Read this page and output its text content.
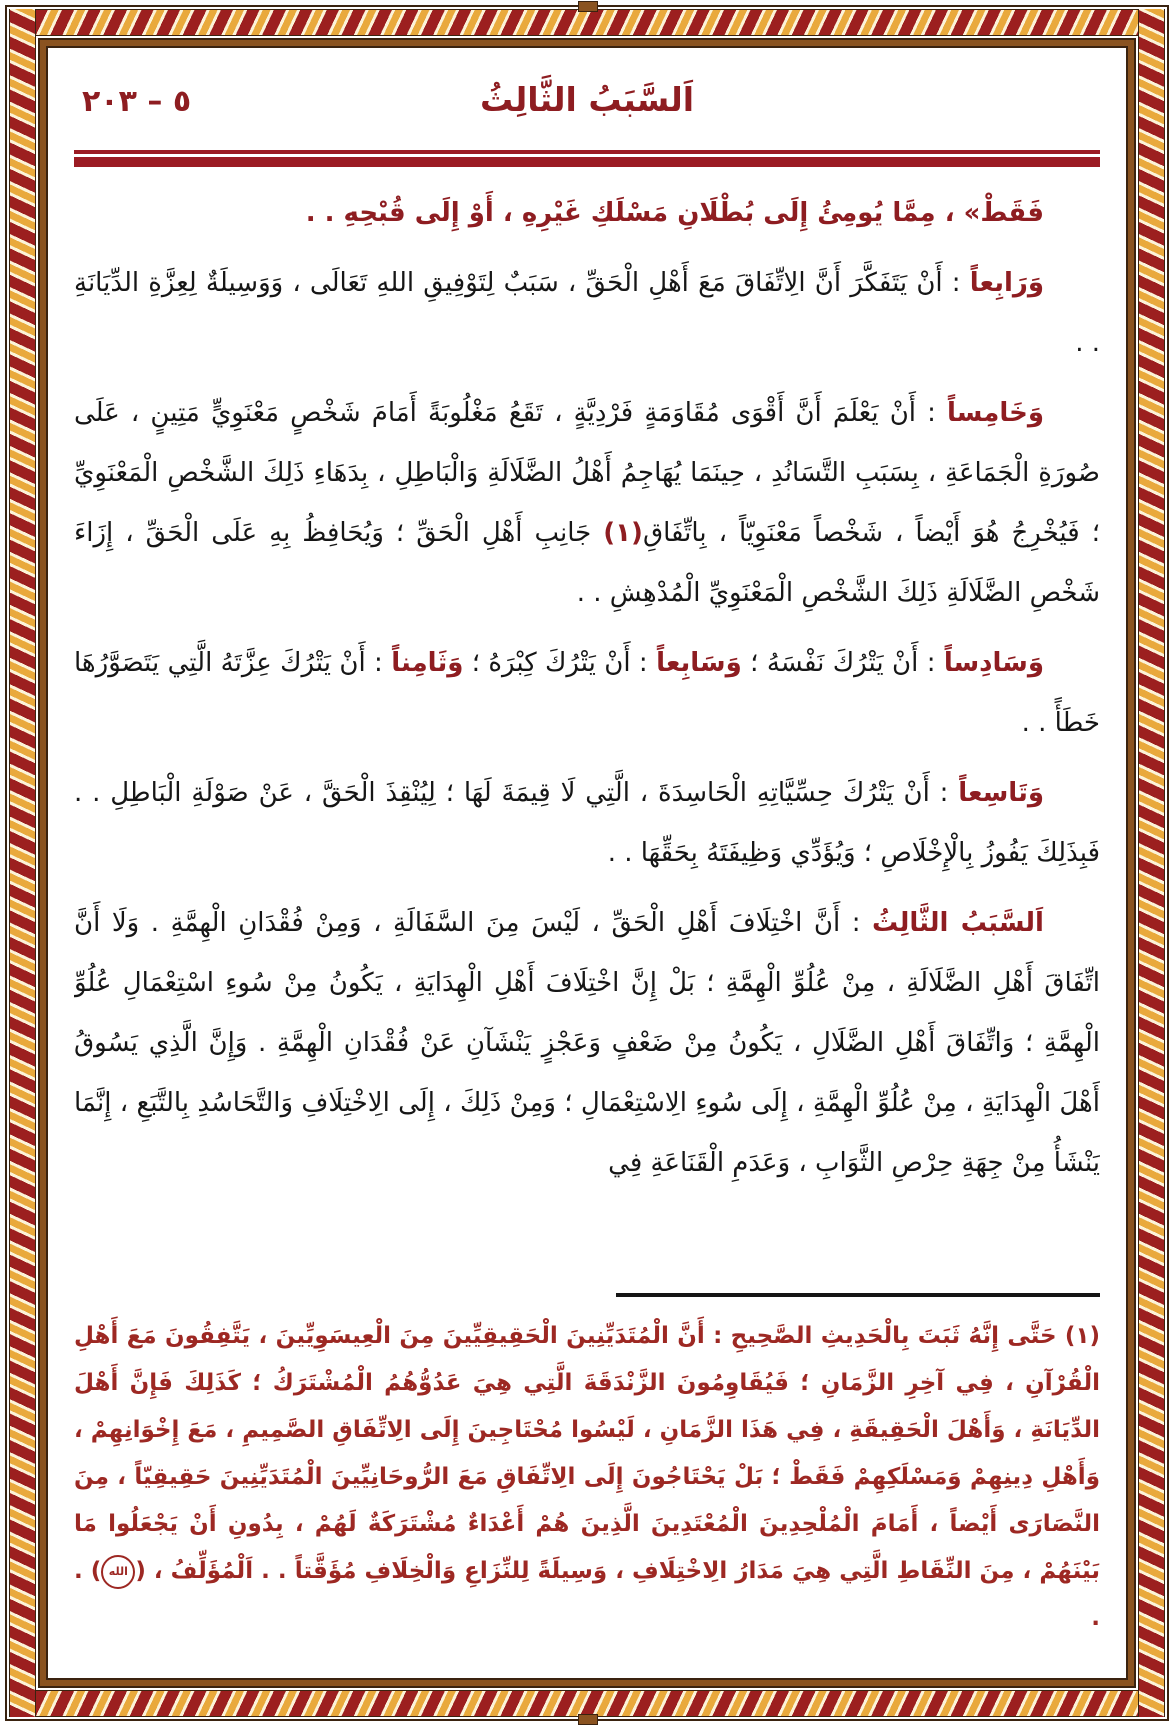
٥ – ٢٠٣	اَلسَّبَبُ الثَّالِثُ

فَقَطْ» ، مِمَّا يُومِئُ إِلَى بُطْلَانِ مَسْلَكِ غَيْرِهِ ، أَوْ إِلَى قُبْحِهِ . .

وَرَابِعاً : أَنْ يَتَفَكَّرَ أَنَّ الِاتِّفَاقَ مَعَ أَهْلِ الْحَقِّ ، سَبَبٌ لِتَوْفِيقِ اللهِ تَعَالَى ، وَوَسِيلَةٌ لِعِزَّةِ الدِّيَانَةِ . .

وَخَامِساً : أَنْ يَعْلَمَ أَنَّ أَقْوَى مُقَاوَمَةٍ فَرْدِيَّةٍ ، تَقَعُ مَغْلُوبَةً أَمَامَ شَخْصٍ مَعْنَوِيٍّ مَتِينٍ ، عَلَى صُورَةِ الْجَمَاعَةِ ، بِسَبَبِ التَّسَانُدِ ، حِينَمَا يُهَاجِمُ أَهْلُ الضَّلَالَةِ وَالْبَاطِلِ ، بِدَهَاءِ ذَلِكَ الشَّخْصِ الْمَعْنَوِيِّ ؛ فَيُخْرِجُ هُوَ أَيْضاً ، شَخْصاً مَعْنَوِيّاً ، بِاتِّفَاقِ(١) جَانِبِ أَهْلِ الْحَقِّ ؛ وَيُحَافِظُ بِهِ عَلَى الْحَقِّ ، إِزَاءَ شَخْصِ الضَّلَالَةِ ذَلِكَ الشَّخْصِ الْمَعْنَوِيِّ الْمُدْهِشِ . .

وَسَادِساً : أَنْ يَتْرُكَ نَفْسَهُ ؛ وَسَابِعاً : أَنْ يَتْرُكَ كِبْرَهُ ؛ وَثَامِناً : أَنْ يَتْرُكَ عِزَّتَهُ الَّتِي يَتَصَوَّرُهَا خَطَأً . .

وَتَاسِعاً : أَنْ يَتْرُكَ حِسِّيَّاتِهِ الْحَاسِدَةَ ، الَّتِي لَا قِيمَةَ لَهَا ؛ لِيُنْقِذَ الْحَقَّ ، عَنْ صَوْلَةِ الْبَاطِلِ . . فَبِذَلِكَ يَفُوزُ بِالْإِخْلَاصِ ؛ وَيُؤَدِّي وَظِيفَتَهُ بِحَقِّهَا . .

اَلسَّبَبُ الثَّالِثُ : أَنَّ اخْتِلَافَ أَهْلِ الْحَقِّ ، لَيْسَ مِنَ السَّفَالَةِ ، وَمِنْ فُقْدَانِ الْهِمَّةِ . وَلَا أَنَّ اتِّفَاقَ أَهْلِ الضَّلَالَةِ ، مِنْ عُلُوِّ الْهِمَّةِ ؛ بَلْ إِنَّ اخْتِلَافَ أَهْلِ الْهِدَايَةِ ، يَكُونُ مِنْ سُوءِ اسْتِعْمَالِ عُلُوِّ الْهِمَّةِ ؛ وَاتِّفَاقَ أَهْلِ الضَّلَالِ ، يَكُونُ مِنْ ضَعْفٍ وَعَجْزٍ يَنْشَآنِ عَنْ فُقْدَانِ الْهِمَّةِ . وَإِنَّ الَّذِي يَسُوقُ أَهْلَ الْهِدَايَةِ ، مِنْ عُلُوِّ الْهِمَّةِ ، إِلَى سُوءِ الِاسْتِعْمَالِ ؛ وَمِنْ ذَلِكَ ، إِلَى الِاخْتِلَافِ وَالتَّحَاسُدِ بِالتَّبَعِ ، إِنَّمَا يَنْشَأُ مِنْ جِهَةِ حِرْصِ الثَّوَابِ ، وَعَدَمِ الْقَنَاعَةِ فِي

(١) حَتَّى إِنَّهُ ثَبَتَ بِالْحَدِيثِ الصَّحِيحِ : أَنَّ الْمُتَدَيِّنِينَ الْحَقِيقِيِّينَ مِنَ الْعِيسَوِيِّينَ ، يَتَّفِقُونَ مَعَ أَهْلِ الْقُرْآنِ ، فِي آخِرِ الزَّمَانِ ؛ فَيُقَاوِمُونَ الزَّنْدَقَةَ الَّتِي هِيَ عَدُوُّهُمُ الْمُشْتَرَكُ ؛ كَذَلِكَ فَإِنَّ أَهْلَ الدِّيَانَةِ ، وَأَهْلَ الْحَقِيقَةِ ، فِي هَذَا الزَّمَانِ ، لَيْسُوا مُحْتَاجِينَ إِلَى الِاتِّفَاقِ الصَّمِيمِ ، مَعَ إِخْوَانِهِمْ ، وَأَهْلِ دِينِهِمْ وَمَسْلَكِهِمْ فَقَطْ ؛ بَلْ يَحْتَاجُونَ إِلَى الِاتِّفَاقِ مَعَ الرُّوحَانِيِّينَ الْمُتَدَيِّنِينَ حَقِيقِيّاً ، مِنَ النَّصَارَى أَيْضاً ، أَمَامَ الْمُلْحِدِينَ الْمُعْتَدِينَ الَّذِينَ هُمْ أَعْدَاءٌ مُشْتَرَكَةٌ لَهُمْ ، بِدُونِ أَنْ يَجْعَلُوا مَا بَيْنَهُمْ ، مِنَ النِّقَاطِ الَّتِي هِيَ مَدَارُ الِاخْتِلَافِ ، وَسِيلَةً لِلنِّزَاعِ وَالْخِلَافِ مُؤَقَّتاً . . اَلْمُؤَلِّفُ ، (الله) . .
